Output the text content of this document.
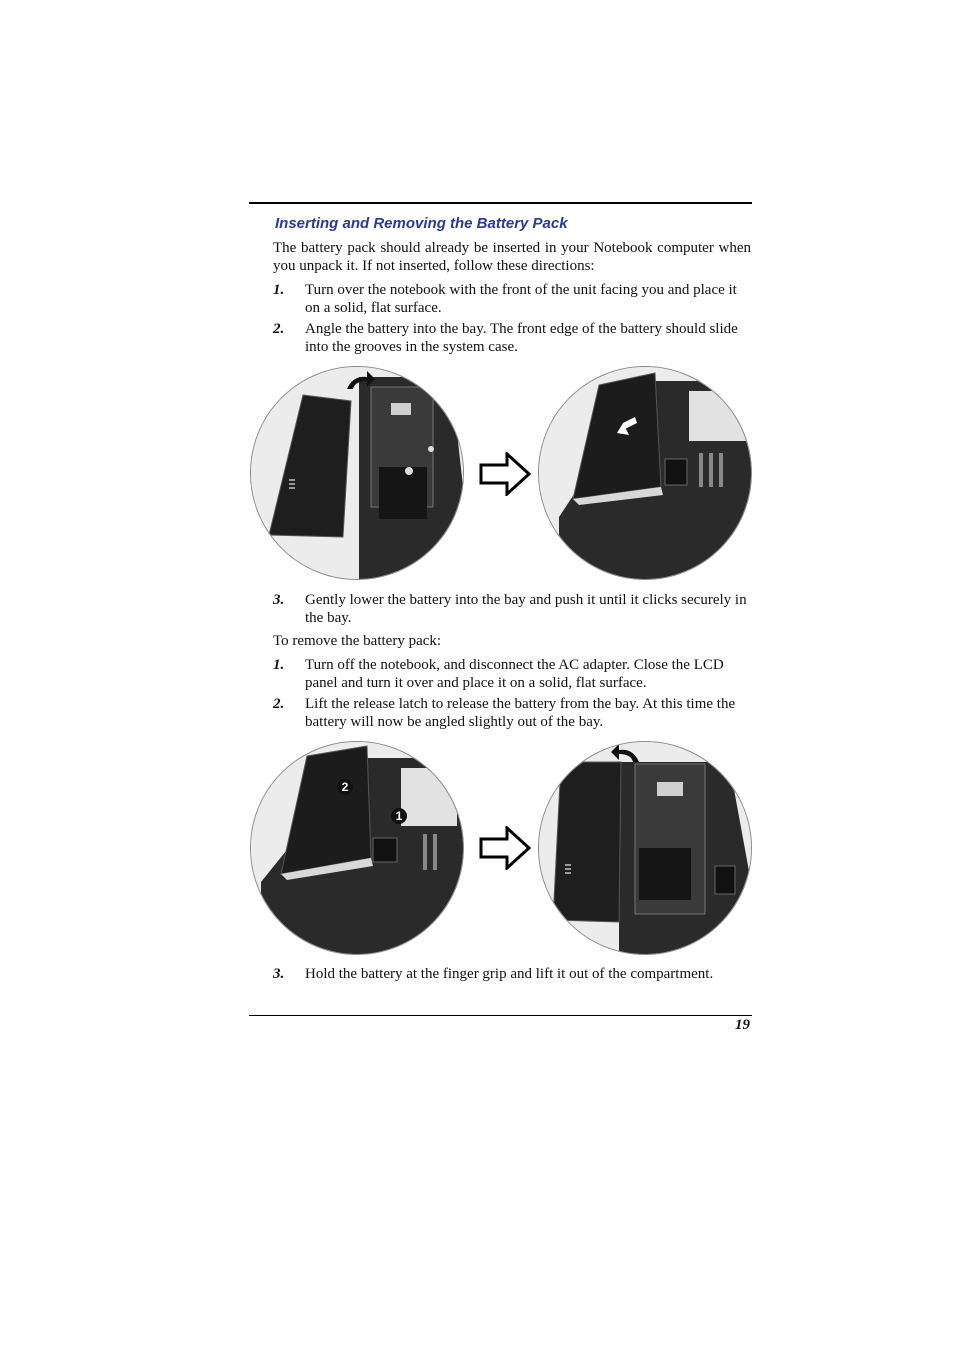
Inserting and Removing the Battery Pack
The battery pack should already be inserted in your Notebook computer when you unpack it. If not inserted, follow these directions:
1. Turn over the notebook with the front of the unit facing you and place it on a solid, flat surface.
2. Angle the battery into the bay. The front edge of the battery should slide into the grooves in the system case.
3. Gently lower the battery into the bay and push it until it clicks securely in the bay.
To remove the battery pack:
1. Turn off the notebook, and disconnect the AC adapter. Close the LCD panel and turn it over and place it on a solid, flat surface.
2. Lift the release latch to release the battery from the bay. At this time the battery will now be angled slightly out of the bay.
2
1
3. Hold the battery at the finger grip and lift it out of the compartment.
19
